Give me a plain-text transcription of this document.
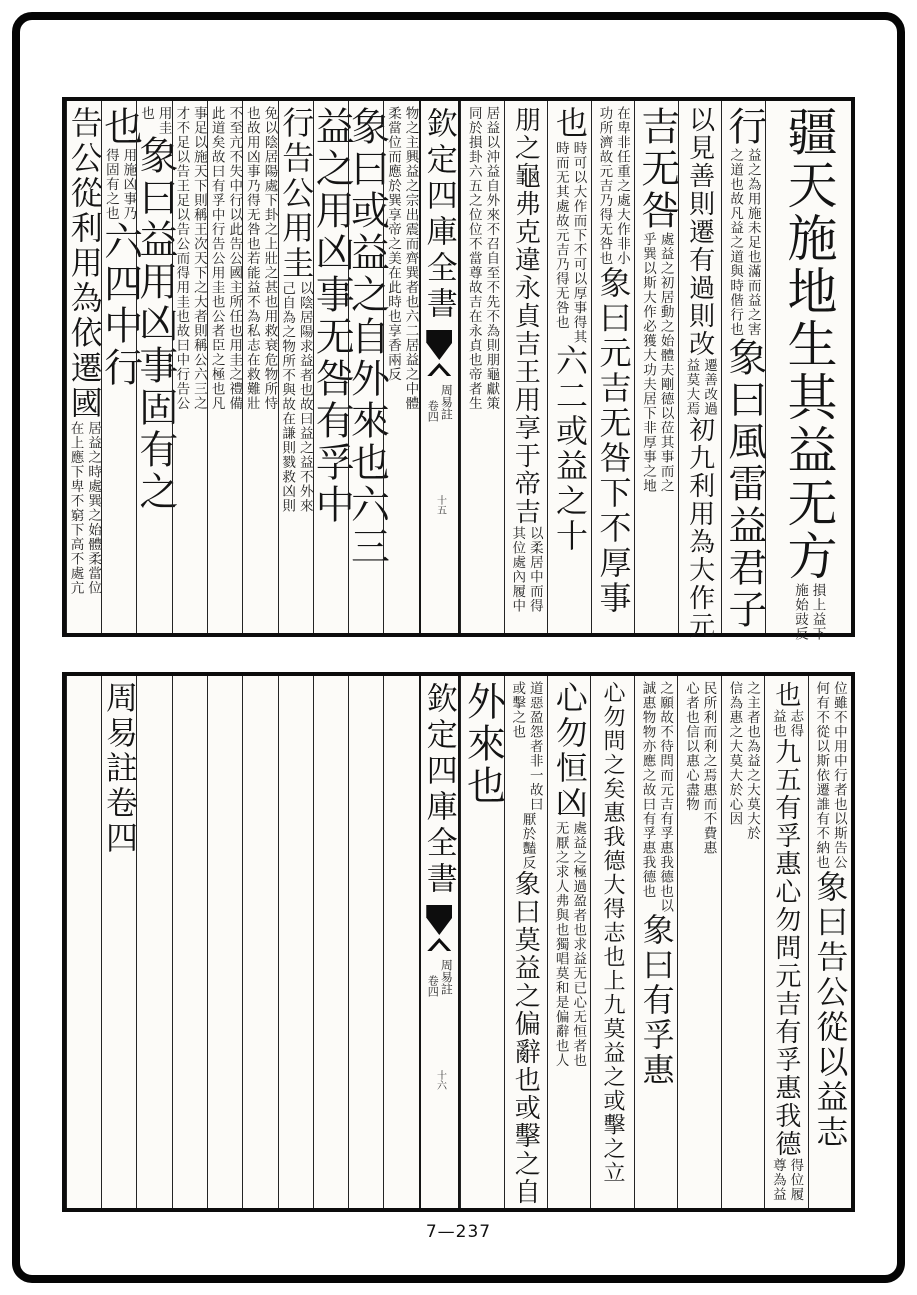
物之主興益之宗出震而齊巽者也六二居益之中體
柔當位而應於巽享帝之美在此時也享香兩反
象曰或益之自外來也六三
益之用凶事无咎有孚中
行告公用圭
以陰居陽求益者也故曰益之益不外來
己自為之物所不與故在謙則戮救凶則
免以陰居陽處下卦之上壯之甚也用救衰危物所恃
也故用凶事乃得无咎也若能益不為私志在救難壯
不至亢不失中行以此告公國主所任也用圭之禮備
此道矣故曰有孚中行告公用圭也公者臣之極也凡
事足以施天下則稱王次天下之大者則稱公六三之
才不足以告王足以告公而得用圭也故曰中行告公
用圭
也
象曰益用凶事固有之
也
用施凶事乃
得固有之也
六四中行
告公從利用為依遷國
居益之時處巽之始體柔當位
在上應下卑不窮下高不處亢
欽定四庫全書
周易註
卷四
十五	疆天施地生其益无方
損上益下
施始豉反
行
益之為用施未足也滿而益之害
之道也故凡益之道與時偕行也
象曰風雷益君子
以見善則遷有過則改
遷善改過
益莫大焉
初九利用為大作元
吉无咎
處益之初居動之始體夫剛德以莅其事而之
乎巽以斯大作必獲大功夫居下非厚事之地
在卑非任重之處大作非小
功所濟故元吉乃得无咎也
象曰元吉无咎下不厚事
也
時可以大作而下不可以厚事得其
時而无其處故元吉乃得无咎也
六二或益之十
朋之龜弗克違永貞吉王用享于帝吉
以柔居中而得
其位處內履中
居益以沖益自外來不召自至不先不為則朋龜獻策
同於損卦六五之位位不當尊故吉在永貞也帝者生
周易註卷四	欽定四庫全書
周易註
卷四
十六
位雖不中用中行者也以斯告公
何有不從以斯依遷誰有不納也
象曰告公從以益志
也
志得
益也
九五有孚惠心勿問元吉有孚惠我德
得位履
尊為益
之主者也為益之大莫大於
信為惠之大莫大於心因
民所利而利之焉惠而不費惠
心者也信以惠心盡物
之願故不待問而元吉有孚惠我德也以
誠惠物物亦應之故曰有孚惠我德也
象曰有孚惠
心勿問之矣惠我德大得志也上九莫益之或擊之立
心勿恒凶
處益之極過盈者也求益无已心无恒者也
无厭之求人弗與也獨唱莫和是偏辭也人
道惡盈怨者非一故曰
或擊之也
厭於豔反
象曰莫益之偏辭也或擊之自
外來也
7—237
